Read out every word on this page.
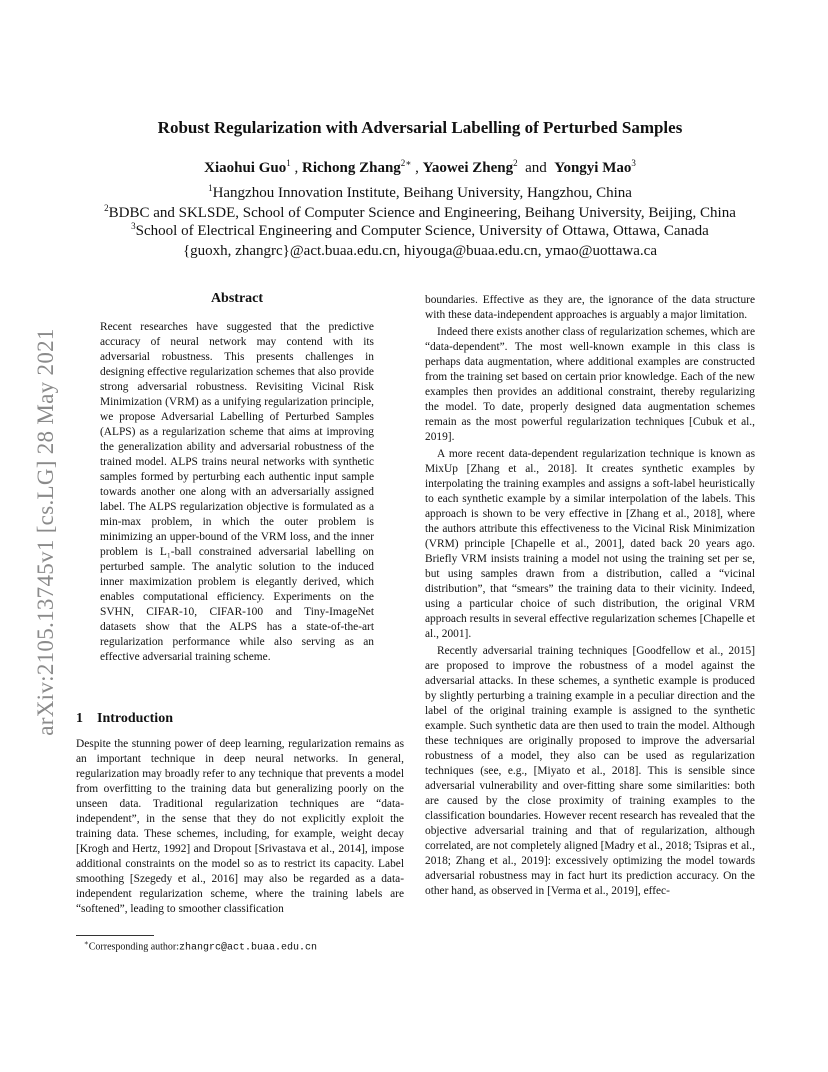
arXiv:2105.13745v1 [cs.LG] 28 May 2021
Robust Regularization with Adversarial Labelling of Perturbed Samples
Xiaohui Guo$^1$ , Richong Zhang$^{2∗}$ , Yaowei Zheng$^2$ and Yongyi Mao$^3$
$^1$Hangzhou Innovation Institute, Beihang University, Hangzhou, China
$^2$BDBC and SKLSDE, School of Computer Science and Engineering, Beihang University, Beijing, China
$^3$School of Electrical Engineering and Computer Science, University of Ottawa, Ottawa, Canada
{guoxh, zhangrc}@act.buaa.edu.cn, hiyouga@buaa.edu.cn, ymao@uottawa.ca
Abstract

Recent researches have suggested that the predictive accuracy of neural network may contend with its adversarial robustness. This presents challenges in designing effective regularization schemes that also provide strong adversarial robustness. Revisiting Vicinal Risk Minimization (VRM) as a unifying regularization principle, we propose Adversarial Labelling of Perturbed Samples (ALPS) as a regularization scheme that aims at improving the generalization ability and adversarial robustness of the trained model. ALPS trains neural networks with synthetic samples formed by perturbing each authentic input sample towards another one along with an adversarially assigned label. The ALPS regularization objective is formulated as a min-max problem, in which the outer problem is minimizing an upper-bound of the VRM loss, and the inner problem is L₁-ball constrained adversarial labelling on perturbed sample. The analytic solution to the induced inner maximization problem is elegantly derived, which enables computational efficiency. Experiments on the SVHN, CIFAR-10, CIFAR-100 and Tiny-ImageNet datasets show that the ALPS has a state-of-the-art regularization performance while also serving as an effective adversarial training scheme.

1 Introduction

Despite the stunning power of deep learning, regularization remains as an important technique in deep neural networks. In general, regularization may broadly refer to any technique that prevents a model from overfitting to the training data but generalizing poorly on the unseen data. Traditional regularization techniques are “data-independent”, in the sense that they do not explicitly exploit the training data. These schemes, including, for example, weight decay [Krogh and Hertz, 1992] and Dropout [Srivastava et al., 2014], impose additional constraints on the model so as to restrict its capacity. Label smoothing [Szegedy et al., 2016] may also be regarded as a data-independent regularization scheme, where the training labels are “softened”, leading to smoother classification

boundaries. Effective as they are, the ignorance of the data structure with these data-independent approaches is arguably a major limitation.

Indeed there exists another class of regularization schemes, which are “data-dependent”. The most well-known example in this class is perhaps data augmentation, where additional examples are constructed from the training set based on certain prior knowledge. Each of the new examples then provides an additional constraint, thereby regularizing the model. To date, properly designed data augmentation schemes remain as the most powerful regularization techniques [Cubuk et al., 2019].

A more recent data-dependent regularization technique is known as MixUp [Zhang et al., 2018]. It creates synthetic examples by interpolating the training examples and assigns a soft-label heuristically to each synthetic example by a similar interpolation of the labels. This approach is shown to be very effective in [Zhang et al., 2018], where the authors attribute this effectiveness to the Vicinal Risk Minimization (VRM) principle [Chapelle et al., 2001], dated back 20 years ago. Briefly VRM insists training a model not using the training set per se, but using samples drawn from a distribution, called a “vicinal distribution”, that “smears” the training data to their vicinity. Indeed, using a particular choice of such distribution, the original VRM approach results in several effective regularization schemes [Chapelle et al., 2001].

Recently adversarial training techniques [Goodfellow et al., 2015] are proposed to improve the robustness of a model against the adversarial attacks. In these schemes, a synthetic example is produced by slightly perturbing a training example in a peculiar direction and the label of the original training example is assigned to the synthetic example. Such synthetic data are then used to train the model. Although these techniques are originally proposed to improve the adversarial robustness of a model, they also can be used as regularization techniques (see, e.g., [Miyato et al., 2018]. This is sensible since adversarial vulnerability and over-fitting share some similarities: both are caused by the close proximity of training examples to the classification boundaries. However recent research has revealed that the objective adversarial training and that of regularization, although correlated, are not completely aligned [Madry et al., 2018; Tsipras et al., 2018; Zhang et al., 2019]: excessively optimizing the model towards adversarial robustness may in fact hurt its prediction accuracy. On the other hand, as observed in [Verma et al., 2019], effec-

∗Corresponding author:zhangrc@act.buaa.edu.cn
